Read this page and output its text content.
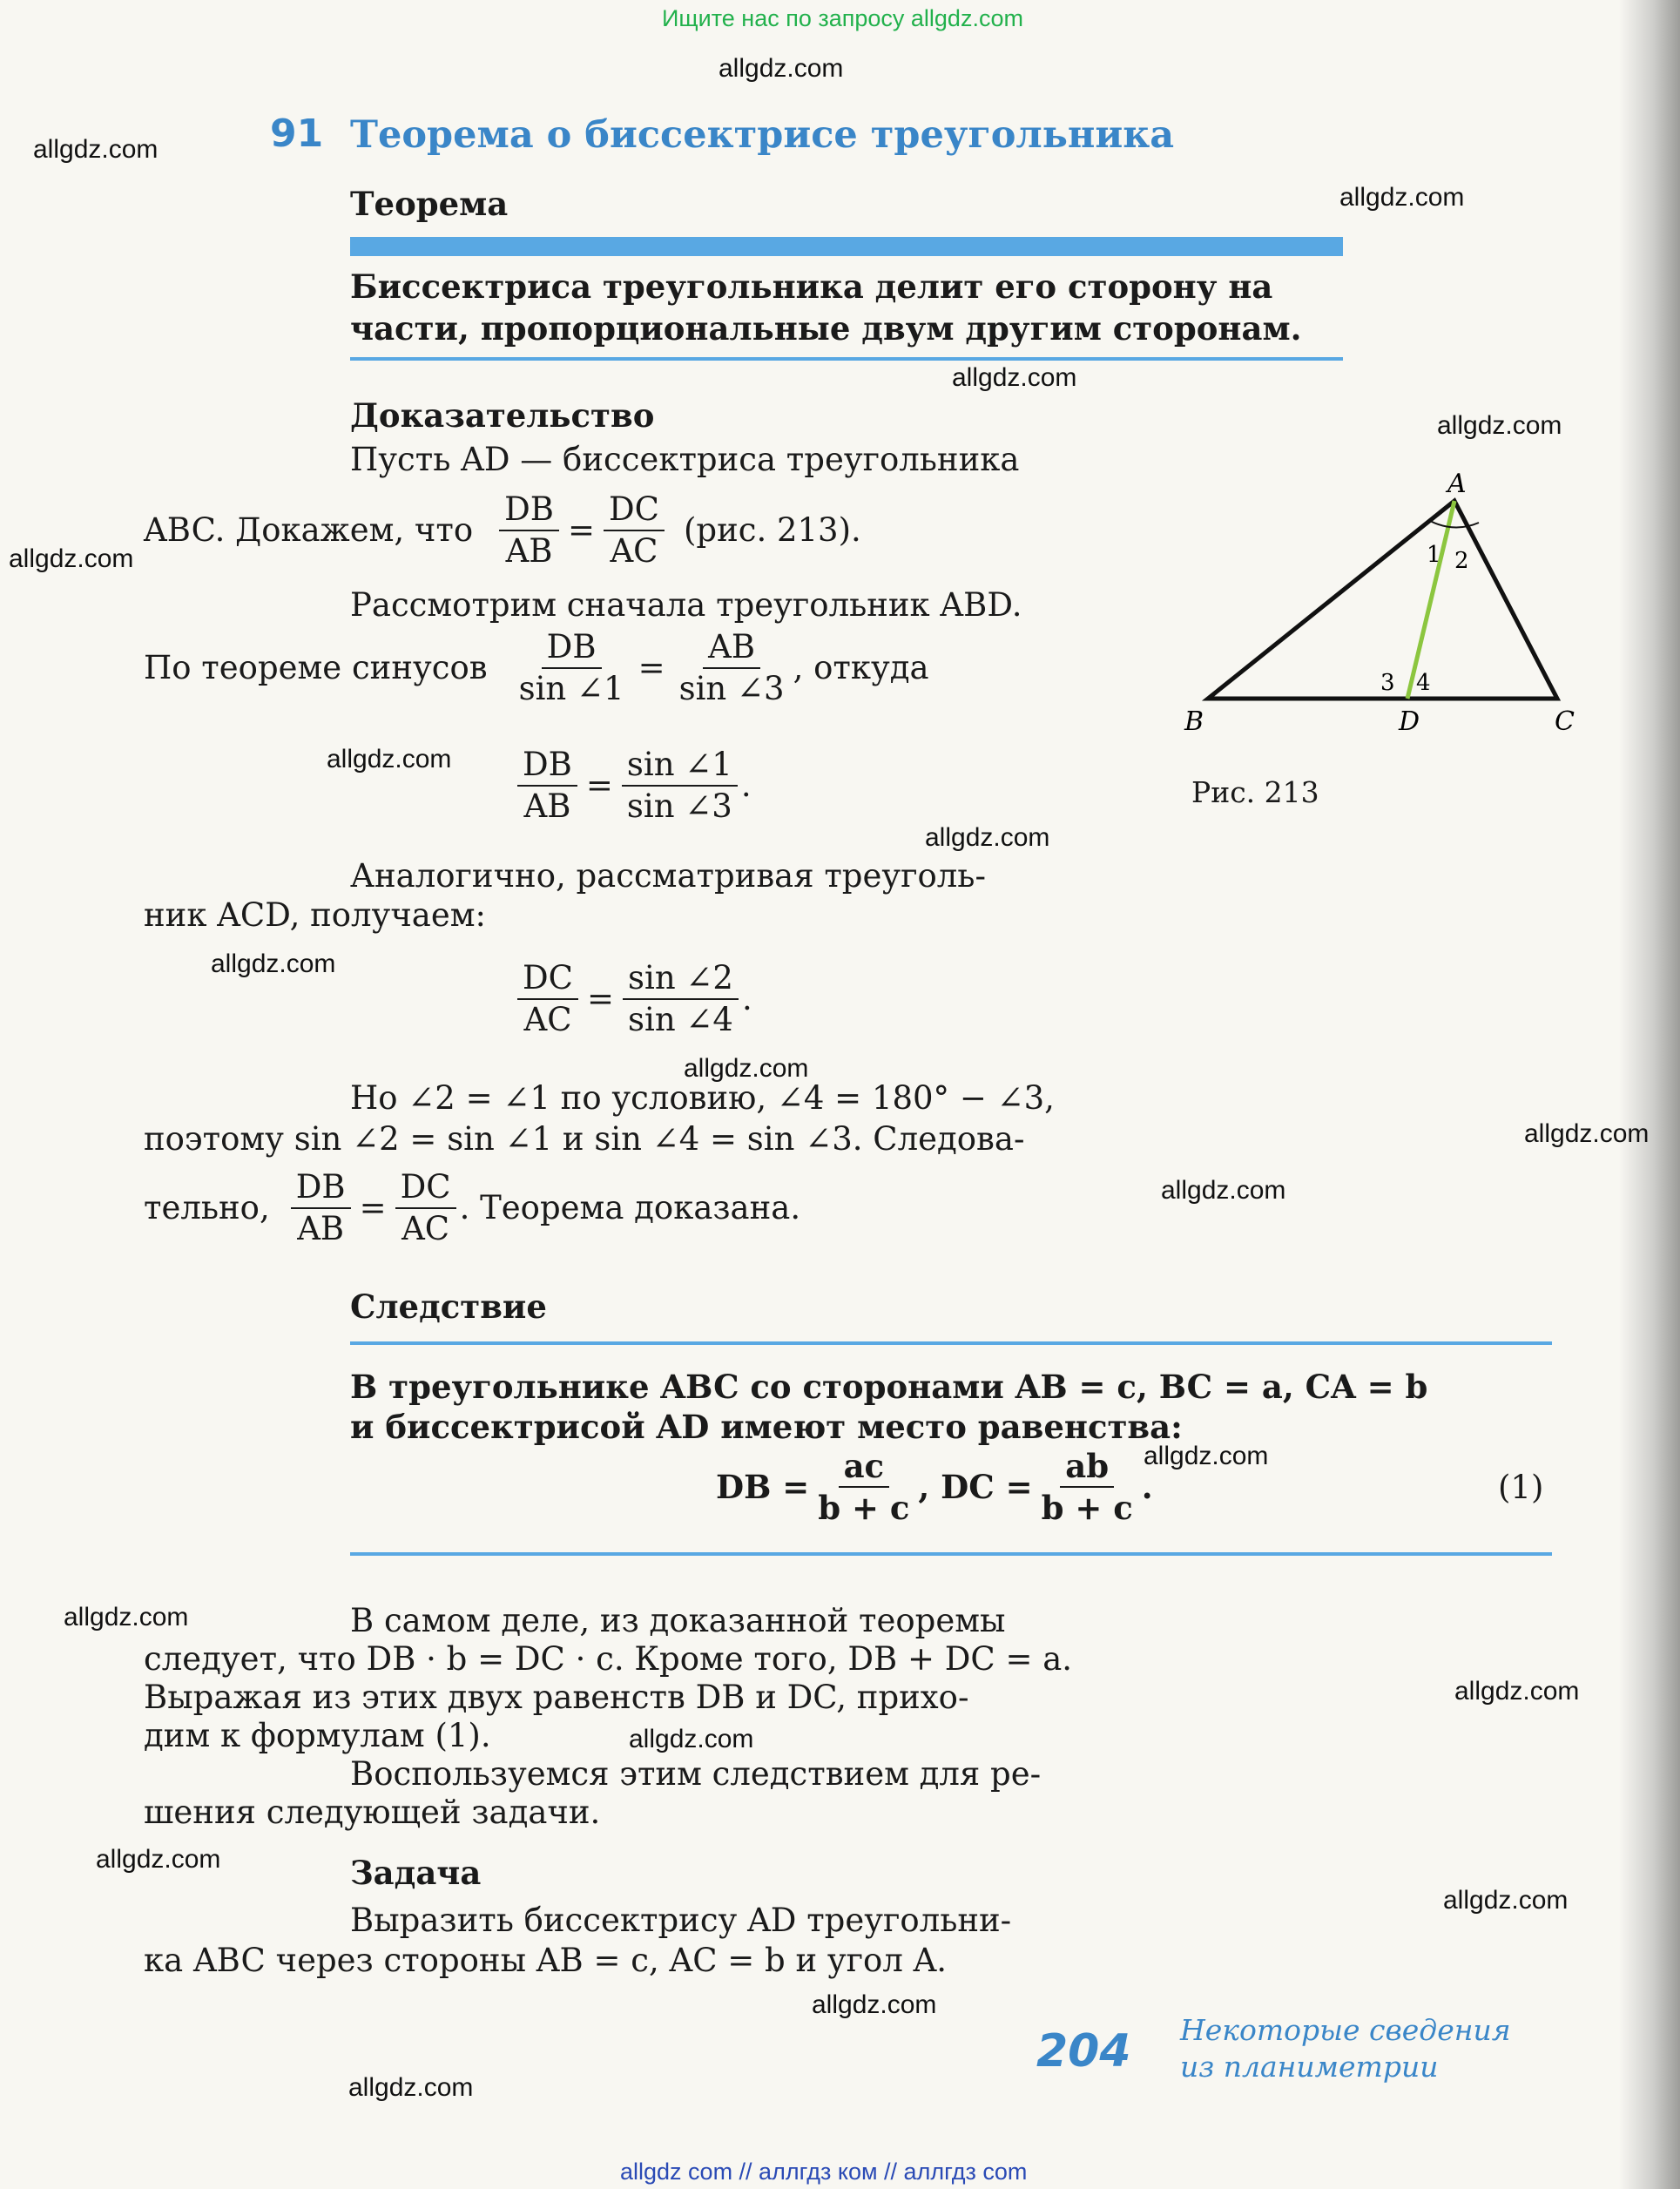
Ищите нас по запросу allgdz.com
91 Теорема о биссектрисе треугольника
Теорема
Биссектриса треугольника делит его сторону на
части, пропорциональные двум другим сторонам.
Доказательство
Пусть AD — биссектриса треугольника
ABC. Докажем, что $\frac{DB}{AB} = \frac{DC}{AC} (рис$. 213).
Рассмотрим сначала треугольник ABD.
По теореме синусов $\frac{DB}{\sin \angle 1} = \frac{AB}{\sin \angle 3}$ , откуда
$\frac{DB}{AB} = \frac{\sin \angle 1}{\sin \angle 3}$ .
Аналогично, рассматривая треуголь-
ник ACD, получаем:
$\frac{DC}{AC} = \frac{\sin \angle 2}{\sin \angle 4}$ .
Но ∠2 = ∠1 по условию, ∠4 = 180° − ∠3,
поэтому sin ∠2 = sin ∠1 и sin ∠4 = sin ∠3. Следова-
тельно, $\frac{DB}{AB} = \frac{DC}{AC}$ . Теорема доказана.
A
B	D	C
1 2
3 4
Рис. 213
Следствие
В треугольнике ABC со сторонами AB = c, BC = a, CA = b
и биссектрисой AD имеют место равенства:
DB = $\frac{ac}{b + c}$ , DC = $\frac{ab}{b + c}$ .	(1)
В самом деле, из доказанной теоремы
следует, что DB · b = DC · c. Кроме того, DB + DC = a.
Выражая из этих двух равенств DB и DC, прихо-
дим к формулам (1).
Воспользуемся этим следствием для ре-
шения следующей задачи.
Задача
Выразить биссектрису AD треугольни-
ка ABC через стороны AB = c, AC = b и угол A.
204 Некоторые сведения
из планиметрии
allgdz.com
allgdz.com
allgdz.com
allgdz.com
allgdz.com
allgdz.com
allgdz.com
allgdz.com
allgdz.com
allgdz.com
allgdz.com
allgdz.com
allgdz.com
allgdz.com
allgdz.com
allgdz.com
allgdz.com
allgdz.com
allgdz.com
allgdz.com
allgdz com // аллгдз ком // аллгдз com
